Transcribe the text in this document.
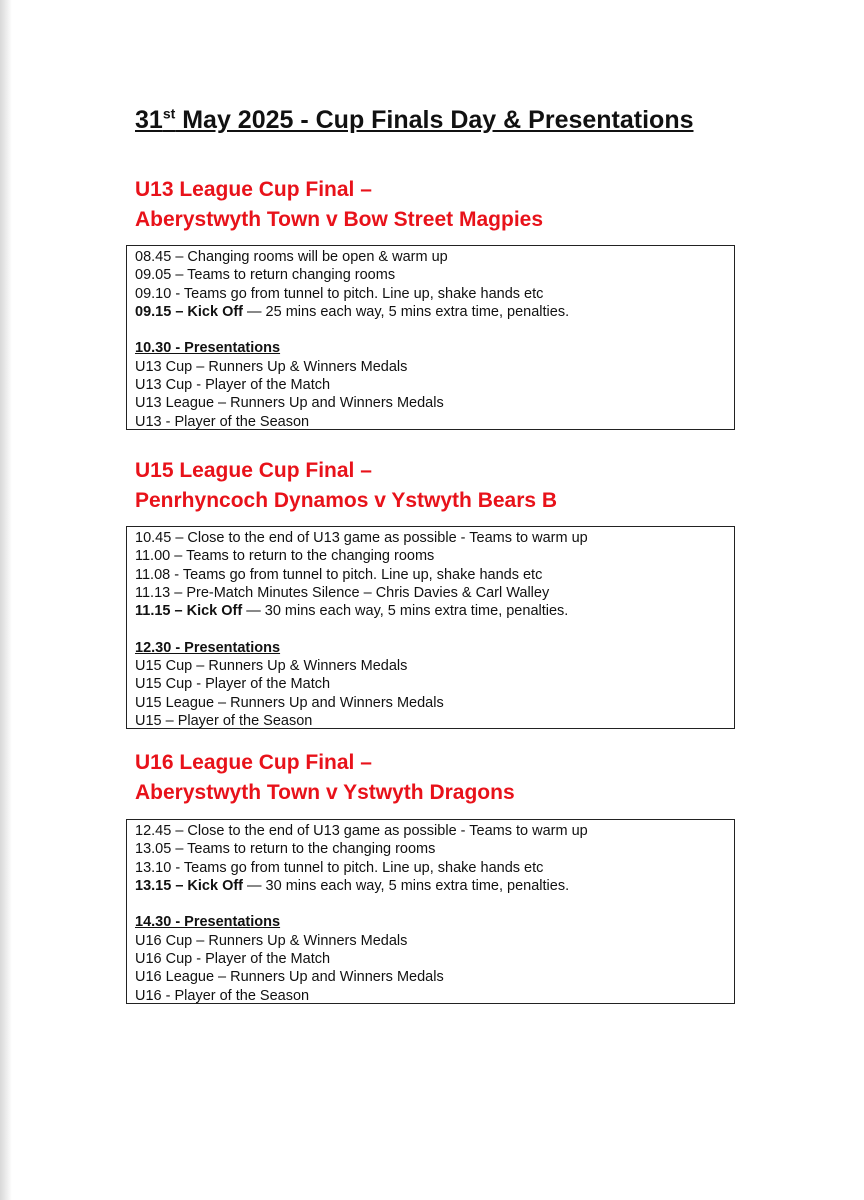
31st May 2025 - Cup Finals Day & Presentations
U13 League Cup Final –
Aberystwyth Town v Bow Street Magpies
08.45 – Changing rooms will be open & warm up
09.05 – Teams to return changing rooms
09.10 - Teams go from tunnel to pitch. Line up, shake hands etc
09.15 – Kick Off — 25 mins each way, 5 mins extra time, penalties.
10.30 - Presentations
U13 Cup – Runners Up & Winners Medals
U13 Cup - Player of the Match
U13 League – Runners Up and Winners Medals
U13 - Player of the Season
U15 League Cup Final –
Penrhyncoch Dynamos v Ystwyth Bears B
10.45 – Close to the end of U13 game as possible - Teams to warm up
11.00 – Teams to return to the changing rooms
11.08 - Teams go from tunnel to pitch. Line up, shake hands etc
11.13 – Pre-Match Minutes Silence – Chris Davies & Carl Walley
11.15 – Kick Off — 30 mins each way, 5 mins extra time, penalties.
12.30 - Presentations
U15 Cup – Runners Up & Winners Medals
U15 Cup - Player of the Match
U15 League – Runners Up and Winners Medals
U15 – Player of the Season
U16 League Cup Final –
Aberystwyth Town v Ystwyth Dragons
12.45 – Close to the end of U13 game as possible - Teams to warm up
13.05 – Teams to return to the changing rooms
13.10 - Teams go from tunnel to pitch. Line up, shake hands etc
13.15 – Kick Off — 30 mins each way, 5 mins extra time, penalties.
14.30 - Presentations
U16 Cup – Runners Up & Winners Medals
U16 Cup - Player of the Match
U16 League – Runners Up and Winners Medals
U16 - Player of the Season
